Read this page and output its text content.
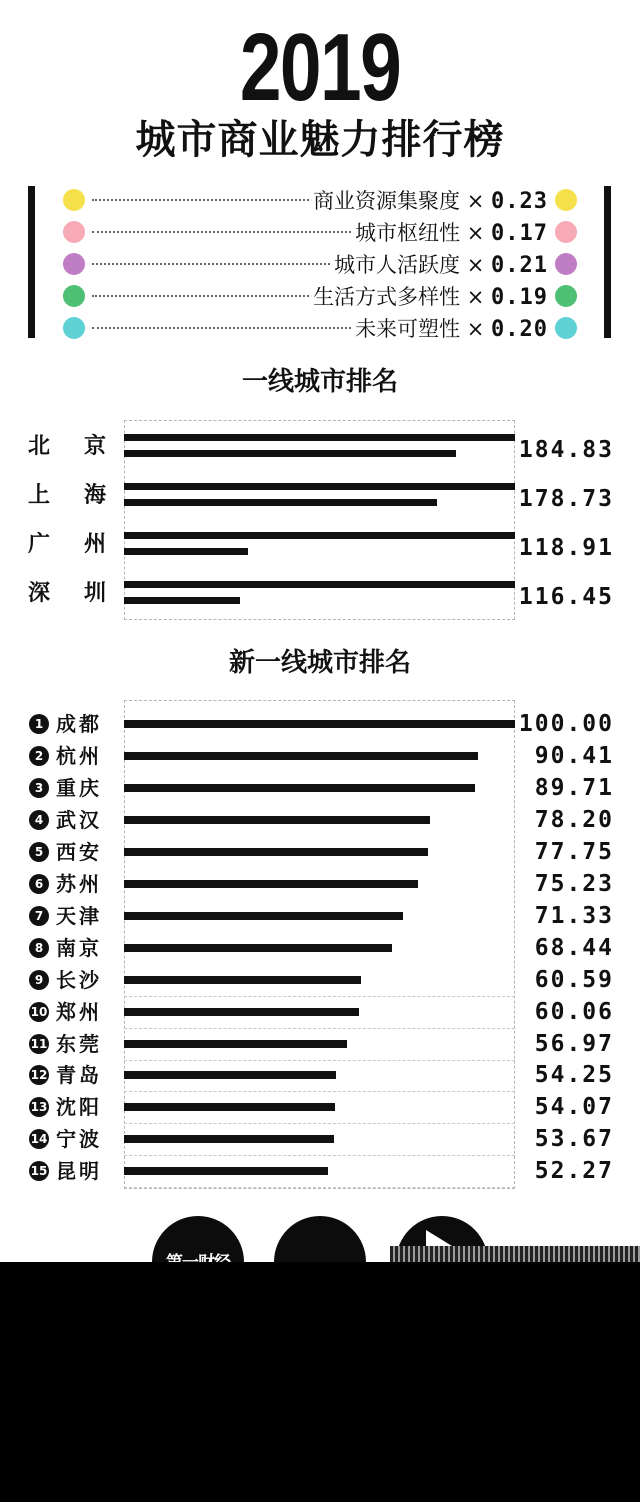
2019
城市商业魅力排行榜
商业资源集聚度 × 0.23
城市枢纽性 × 0.17
城市人活跃度 × 0.21
生活方式多样性 × 0.19
未来可塑性 × 0.20
一线城市排名
北 京	184.83
上 海	178.73
广 州	118.91
深 圳	116.45
新一线城市排名
1 成都	100.00
2 杭州	90.41
3 重庆	89.71
4 武汉	78.20
5 西安	77.75
6 苏州	75.23
7 天津	71.33
8 南京	68.44
9 长沙	60.59
10 郑州	60.06
11 东莞	56.97
12 青岛	54.25
13 沈阳	54.07
14 宁波	53.67
15 昆明	52.27
